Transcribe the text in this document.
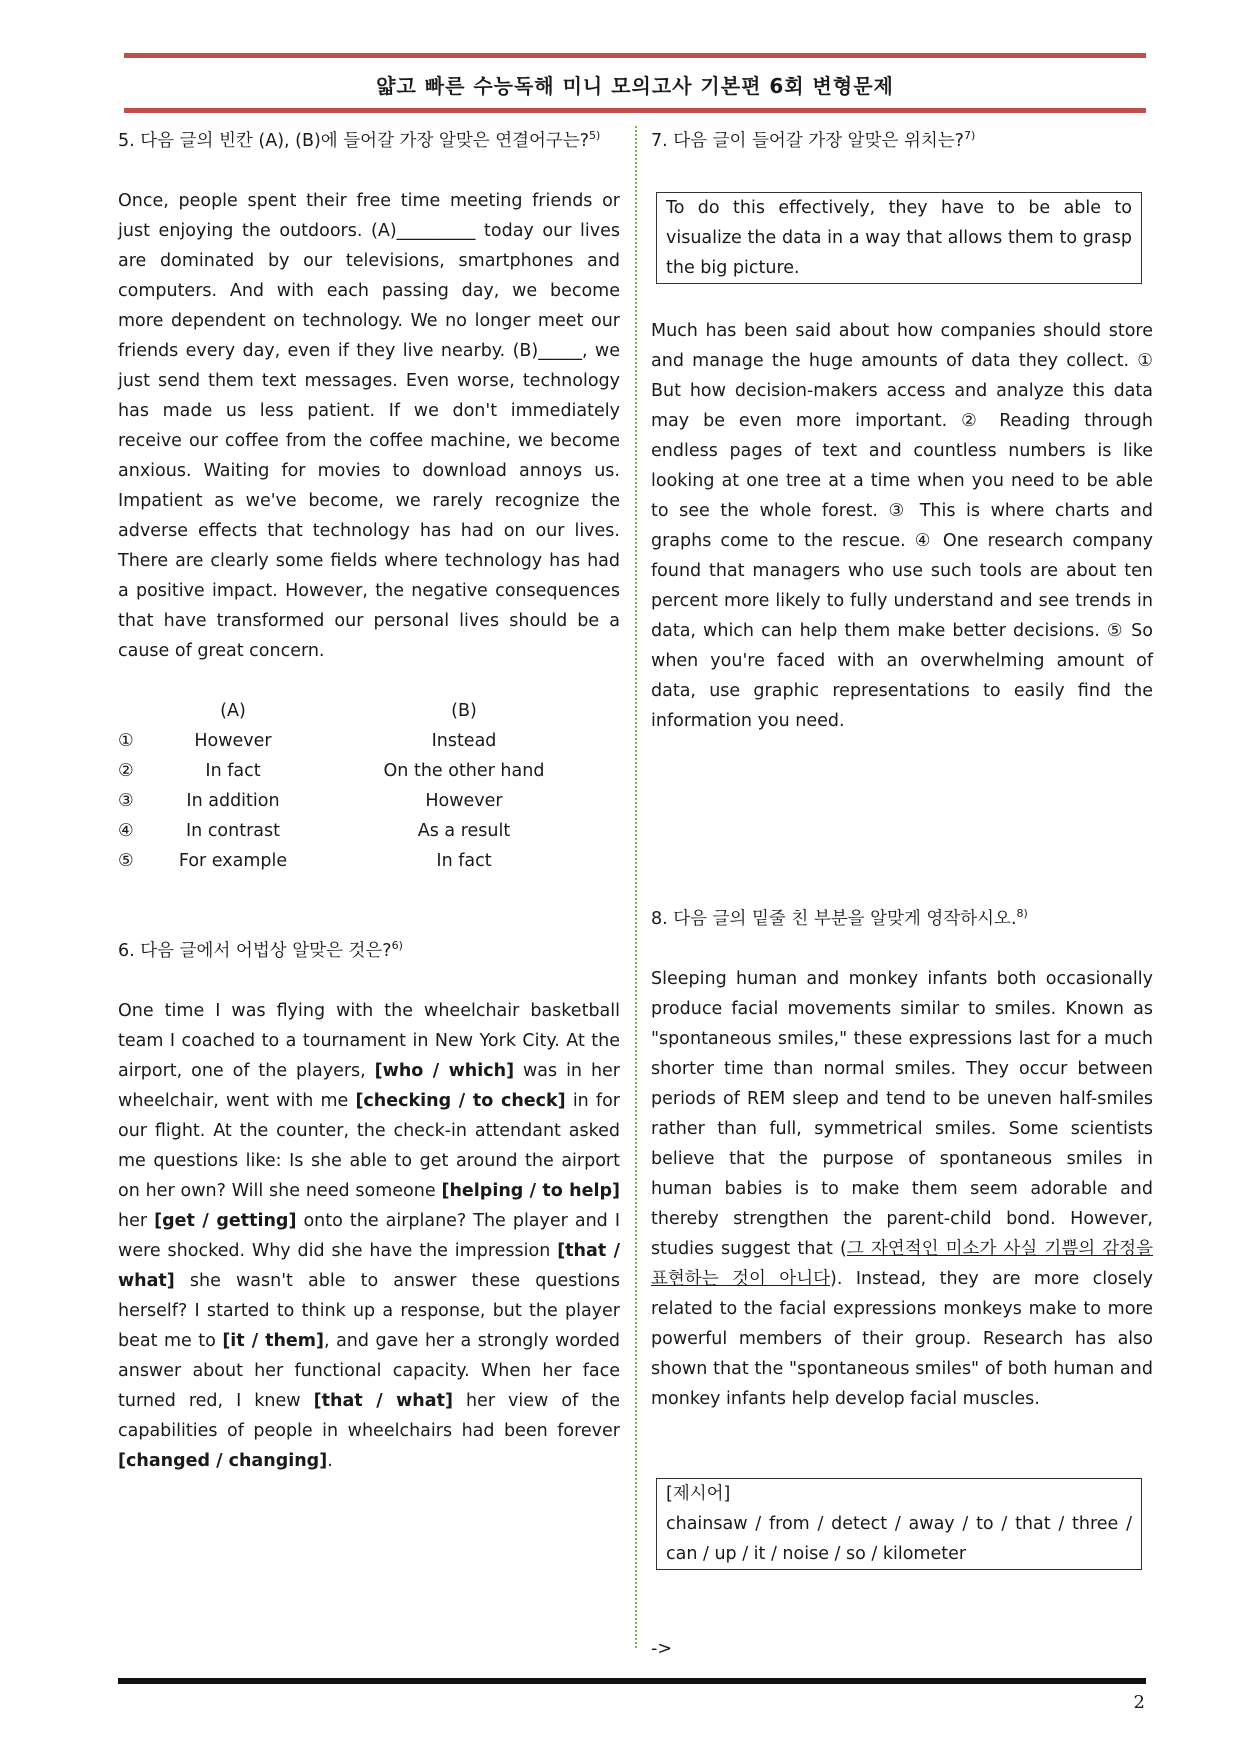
얇고 빠른 수능독해 미니 모의고사 기본편 6회 변형문제

5. 다음 글의 빈칸 (A), (B)에 들어갈 가장 알맞은 연결어구는?$^{5)}$

Once, people spent their free time meeting friends or just enjoying the outdoors. (A)_________ today our lives are dominated by our televisions, smartphones and computers. And with each passing day, we become more dependent on technology. We no longer meet our friends every day, even if they live nearby. (B)_____, we just send them text messages. Even worse, technology has made us less patient. If we don't immediately receive our coffee from the coffee machine, we become anxious. Waiting for movies to download annoys us. Impatient as we've become, we rarely recognize the adverse effects that technology has had on our lives. There are clearly some fields where technology has had a positive impact. However, the negative consequences that have transformed our personal lives should be a cause of great concern.

(A)	(B)
①	However	Instead
②	In fact	On the other hand
③	In addition	However
④	In contrast	As a result
⑤	For example	In fact

6. 다음 글에서 어법상 알맞은 것은?$^{6)}$

One time I was flying with the wheelchair basketball team I coached to a tournament in New York City. At the airport, one of the players, [who / which] was in her wheelchair, went with me [checking / to check] in for our flight. At the counter, the check-in attendant asked me questions like: Is she able to get around the airport on her own? Will she need someone [helping / to help] her [get / getting] onto the airplane? The player and I were shocked. Why did she have the impression [that / what] she wasn't able to answer these questions herself? I started to think up a response, but the player beat me to [it / them], and gave her a strongly worded answer about her functional capacity. When her face turned red, I knew [that / what] her view of the capabilities of people in wheelchairs had been forever [changed / changing].

7. 다음 글이 들어갈 가장 알맞은 위치는?$^{7)}$

To do this effectively, they have to be able to visualize the data in a way that allows them to grasp the big picture.

Much has been said about how companies should store and manage the huge amounts of data they collect. ① But how decision-makers access and analyze this data may be even more important. ② Reading through endless pages of text and countless numbers is like looking at one tree at a time when you need to be able to see the whole forest. ③ This is where charts and graphs come to the rescue. ④ One research company found that managers who use such tools are about ten percent more likely to fully understand and see trends in data, which can help them make better decisions. ⑤ So when you're faced with an overwhelming amount of data, use graphic representations to easily find the information you need.

8. 다음 글의 밑줄 친 부분을 알맞게 영작하시오.$^{8)}$

Sleeping human and monkey infants both occasionally produce facial movements similar to smiles. Known as "spontaneous smiles," these expressions last for a much shorter time than normal smiles. They occur between periods of REM sleep and tend to be uneven half-smiles rather than full, symmetrical smiles. Some scientists believe that the purpose of spontaneous smiles in human babies is to make them seem adorable and thereby strengthen the parent-child bond. However, studies suggest that (그 자연적인 미소가 사실 기쁨의 감정을 표현하는 것이 아니다). Instead, they are more closely related to the facial expressions monkeys make to more powerful members of their group. Research has also shown that the "spontaneous smiles" of both human and monkey infants help develop facial muscles.

[제시어]
chainsaw / from / detect / away / to / that / three / can / up / it / noise / so / kilometer
->
2
